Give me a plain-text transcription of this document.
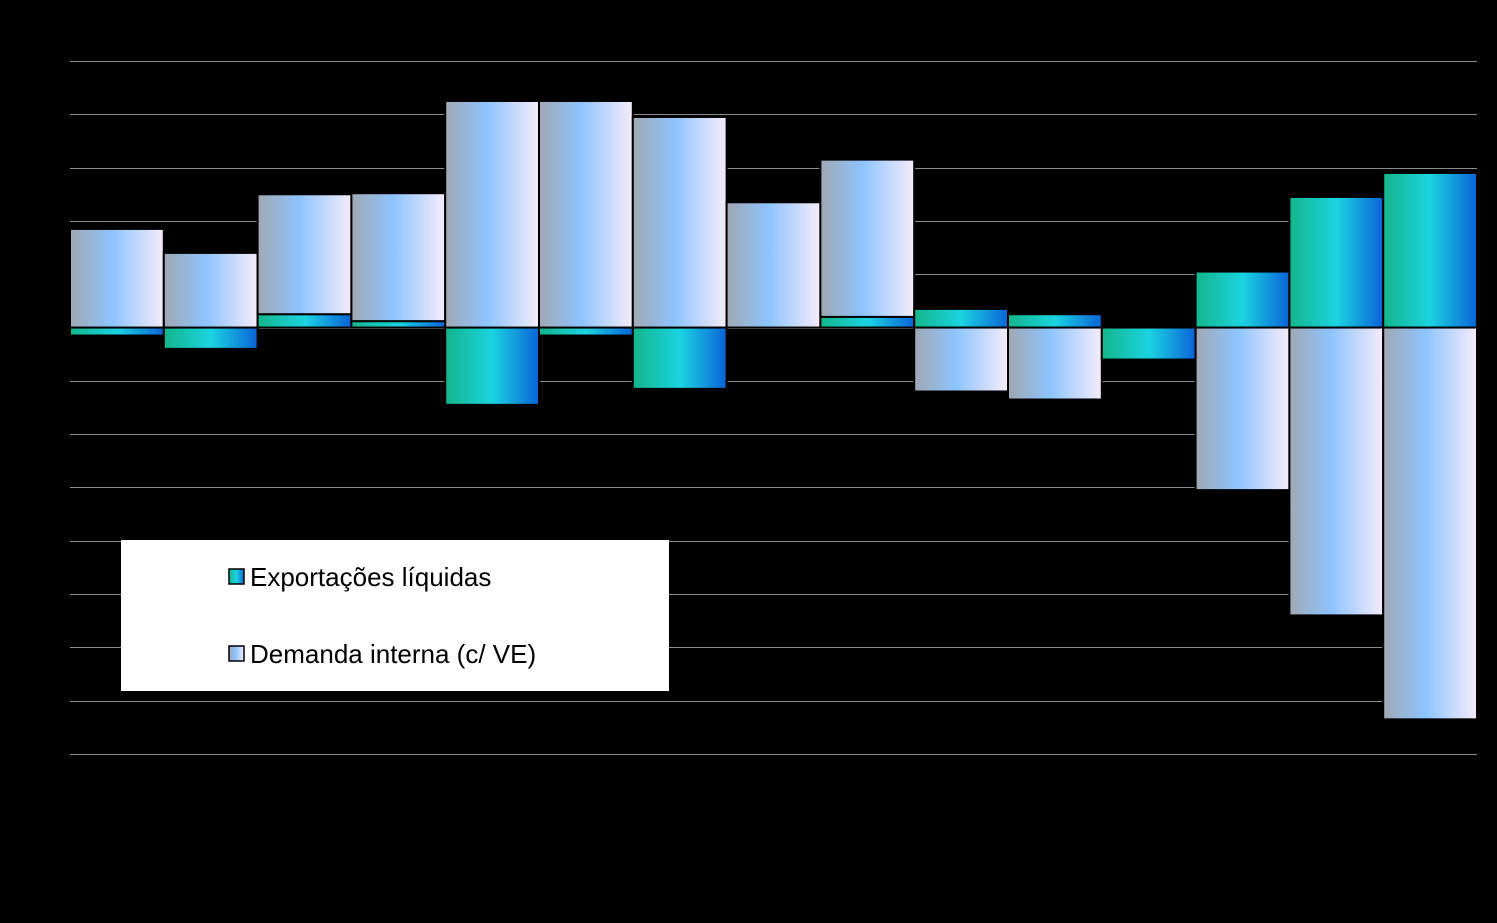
Exportações líquidas
Demanda interna (c/ VE)
